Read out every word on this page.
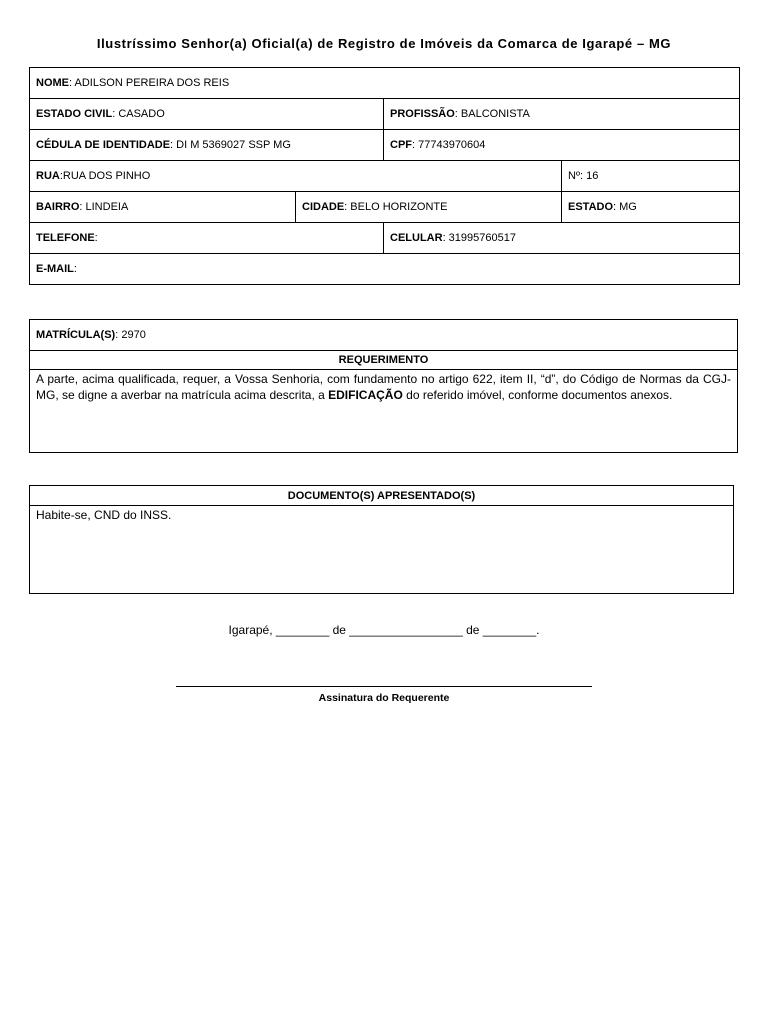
Ilustríssimo Senhor(a) Oficial(a) de Registro de Imóveis da Comarca de Igarapé – MG
NOME: ADILSON PEREIRA DOS REIS			
ESTADO CIVIL: CASADO		PROFISSÃO: BALCONISTA	
CÉDULA DE IDENTIDADE: DI M 5369027 SSP MG		CPF: 77743970604	
RUA:RUA DOS PINHO			Nº: 16
BAIRRO: LINDEIA	CIDADE: BELO HORIZONTE		ESTADO: MG
TELEFONE:		CELULAR: 31995760517	
E-MAIL:			
MATRÍCULA(S): 2970
REQUERIMENTO
A parte, acima qualificada, requer, a Vossa Senhoria, com fundamento no artigo 622, item II, “d”, do Código de Normas da CGJ-MG, se digne a averbar na matrícula acima descrita, a EDIFICAÇÃO do referido imóvel, conforme documentos anexos.
DOCUMENTO(S) APRESENTADO(S)
Habite-se, CND do INSS.
Igarapé, ________ de _________________ de ________.
Assinatura do Requerente
